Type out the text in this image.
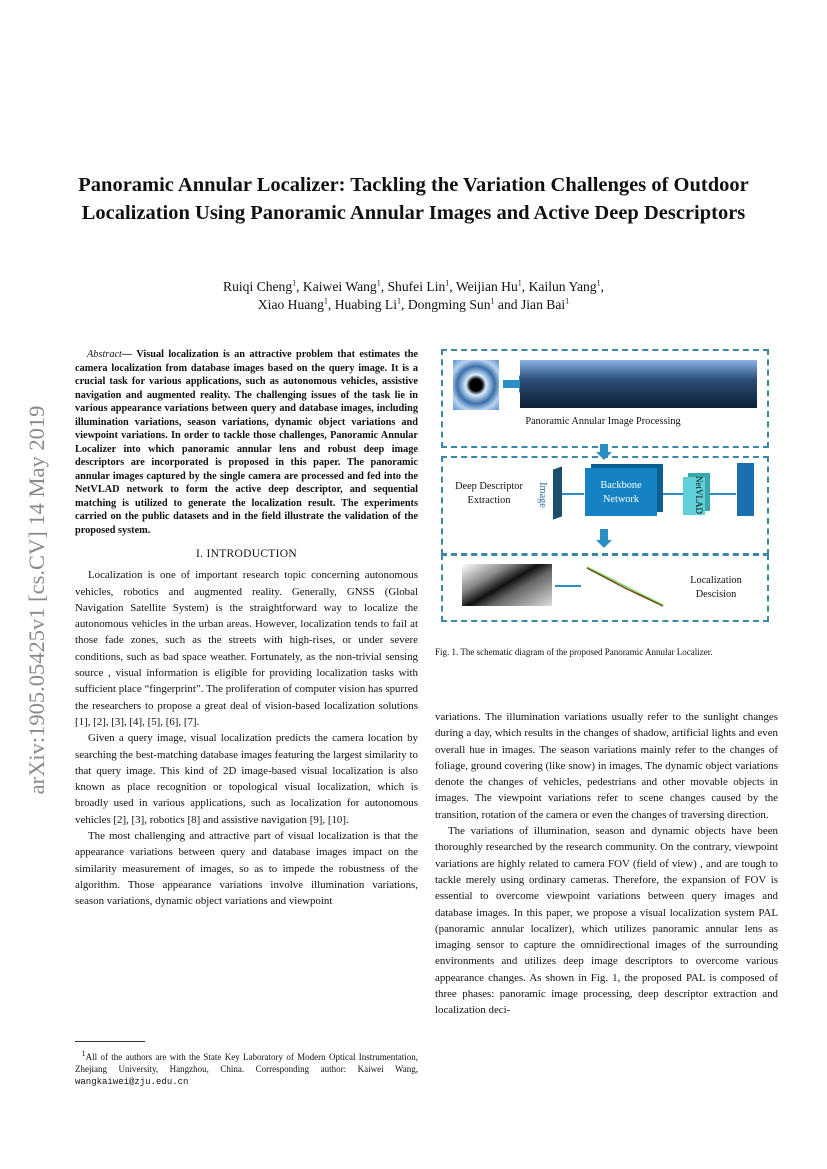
arXiv:1905.05425v1 [cs.CV] 14 May 2019
Panoramic Annular Localizer: Tackling the Variation Challenges of Outdoor Localization Using Panoramic Annular Images and Active Deep Descriptors
Ruiqi Cheng$^1$, Kaiwei Wang$^1$, Shufei Lin$^1$, Weijian Hu$^1$, Kailun Yang$^1$,
Xiao Huang$^1$, Huabing Li$^1$, Dongming Sun$^1$ and Jian Bai$^1$
Abstract— Visual localization is an attractive problem that estimates the camera localization from database images based on the query image. It is a crucial task for various applications, such as autonomous vehicles, assistive navigation and augmented reality. The challenging issues of the task lie in various appearance variations between query and database images, including illumination variations, season variations, dynamic object variations and viewpoint variations. In order to tackle those challenges, Panoramic Annular Localizer into which panoramic annular lens and robust deep image descriptors are incorporated is proposed in this paper. The panoramic annular images captured by the single camera are processed and fed into the NetVLAD network to form the active deep descriptor, and sequential matching is utilized to generate the localization result. The experiments carried on the public datasets and in the field illustrate the validation of the proposed system.
I. INTRODUCTION

Localization is one of important research topic concerning autonomous vehicles, robotics and augmented reality. Generally, GNSS (Global Navigation Satellite System) is the straightforward way to localize the autonomous vehicles in the urban areas. However, localization tends to fail at those fade zones, such as the streets with high-rises, or under severe conditions, such as bad space weather. Fortunately, as the non-trivial sensing source , visual information is eligible for providing localization tasks with sufficient place “fingerprint”. The proliferation of computer vision has spurred the researchers to propose a great deal of vision-based localization solutions [1], [2], [3], [4], [5], [6], [7].

Given a query image, visual localization predicts the camera location by searching the best-matching database images featuring the largest similarity to that query image. This kind of 2D image-based visual localization is also known as place recognition or topological visual localization, which is broadly used in various applications, such as localization for autonomous vehicles [2], [3], robotics [8] and assistive navigation [9], [10].

The most challenging and attractive part of visual localization is that the appearance variations between query and database images impact on the similarity measurement of images, so as to impede the robustness of the algorithm. Those appearance variations involve illumination variations, season variations, dynamic object variations and viewpoint

$^1$All of the authors are with the State Key Laboratory of Modern Optical Instrumentation, Zhejiang University, Hangzhou, China. Corresponding author: Kaiwei Wang, wangkaiwei@zju.edu.cn
Panoramic Annular Image Processing
Deep Descriptor Extraction	Image	Backbone Network	NetVLAD
Localization Descision
Fig. 1. The schematic diagram of the proposed Panoramic Annular Localizer.

variations. The illumination variations usually refer to the sunlight changes during a day, which results in the changes of shadow, artificial lights and even overall hue in images. The season variations mainly refer to the changes of foliage, ground covering (like snow) in images. The dynamic object variations denote the changes of vehicles, pedestrians and other movable objects in images. The viewpoint variations refer to scene changes caused by the transition, rotation of the camera or even the changes of traversing direction.

The variations of illumination, season and dynamic objects have been thoroughly researched by the research community. On the contrary, viewpoint variations are highly related to camera FOV (field of view) , and are tough to tackle merely using ordinary cameras. Therefore, the expansion of FOV is essential to overcome viewpoint variations between query images and database images. In this paper, we propose a visual localization system PAL (panoramic annular localizer), which utilizes panoramic annular lens as imaging sensor to capture the omnidirectional images of the surrounding environments and utilizes deep image descriptors to overcome various appearance changes. As shown in Fig. 1, the proposed PAL is composed of three phases: panoramic image processing, deep descriptor extraction and localization deci-
